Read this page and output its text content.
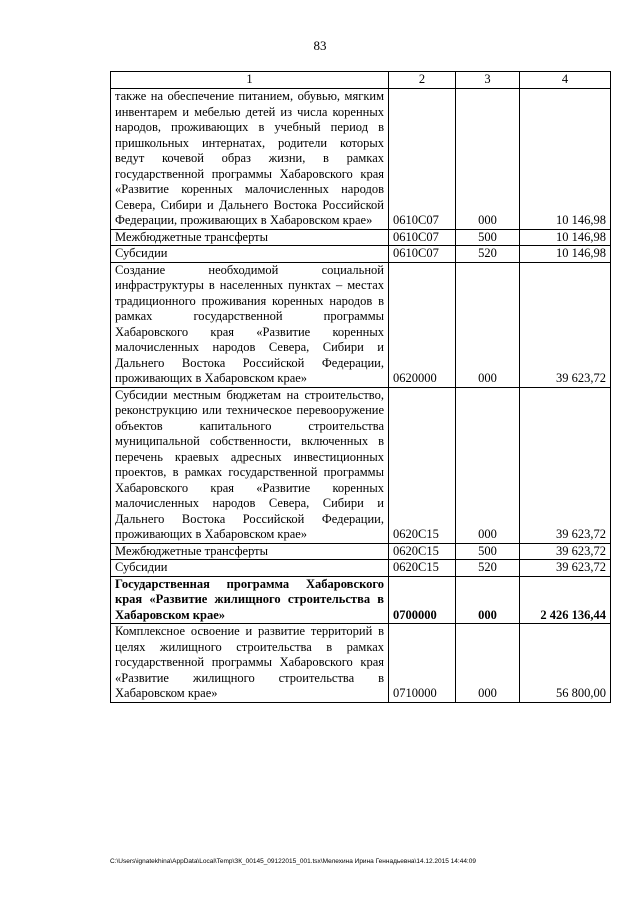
83
1	2	3	4
также на обеспечение питанием, обувью, мягким инвентарем и мебелью детей из числа коренных народов, проживающих в учебный период в пришкольных интернатах, родители которых ведут кочевой образ жизни, в рамках государственной программы Хабаровского края «Развитие коренных малочисленных народов Севера, Сибири и Дальнего Востока Российской Федерации, проживающих в Хабаровском крае»	0610С07	000	10 146,98
Межбюджетные трансферты	0610С07	500	10 146,98
Субсидии	0610С07	520	10 146,98
Создание необходимой социальной инфраструктуры в населенных пунктах – местах традиционного проживания коренных народов в рамках государственной программы Хабаровского края «Развитие коренных малочисленных народов Севера, Сибири и Дальнего Востока Российской Федерации, проживающих в Хабаровском крае»	0620000	000	39 623,72
Субсидии местным бюджетам на строительство, реконструкцию или техническое перевооружение объектов капитального строительства муниципальной собственности, включенных в перечень краевых адресных инвестиционных проектов, в рамках государственной программы Хабаровского края «Развитие коренных малочисленных народов Севера, Сибири и Дальнего Востока Российской Федерации, проживающих в Хабаровском крае»	0620С15	000	39 623,72
Межбюджетные трансферты	0620С15	500	39 623,72
Субсидии	0620С15	520	39 623,72
Государственная программа Хабаровского края «Развитие жилищного строительства в Хабаровском крае»	0700000	000	2 426 136,44
Комплексное освоение и развитие территорий в целях жилищного строительства в рамках государственной программы Хабаровского края «Развитие жилищного строительства в Хабаровском крае»	0710000	000	56 800,00
C:\Users\ignatekhina\AppData\Local\Temp\ЗК_00145_09122015_001.tsx\Мелехина Ирина Геннадьевна\14.12.2015 14:44:09
